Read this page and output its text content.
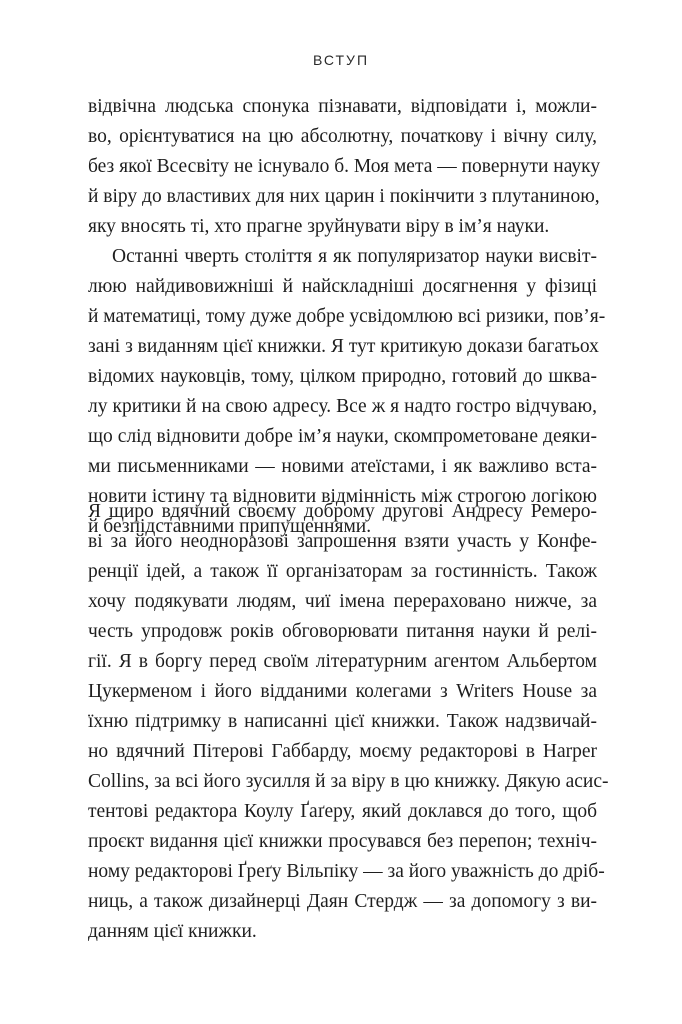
ВСТУП
відвічна людська спонука пізнавати, відповідати і, можли-
во, орієнтуватися на цю абсолютну, початкову і вічну силу,
без якої Всесвіту не існувало б. Моя мета — повернути науку
й віру до властивих для них царин і покінчити з плутаниною,
яку вносять ті, хто прагне зруйнувати віру в ім’я науки.
Останні чверть століття я як популяризатор науки висвіт-
люю найдивовижніші й найскладніші досягнення у фізиці
й математиці, тому дуже добре усвідомлюю всі ризики, пов’я-
зані з виданням цієї книжки. Я тут критикую докази багатьох
відомих науковців, тому, цілком природно, готовий до шква-
лу критики й на свою адресу. Все ж я надто гостро відчуваю,
що слід відновити добре ім’я науки, скомпрометоване деяки-
ми письменниками — новими атеїстами, і як важливо вста-
новити істину та відновити відмінність між строгою логікою
й безпідставними припущеннями.
Я щиро вдячний своєму доброму другові Андресу Ремеро-
ві за його неодноразові запрошення взяти участь у Конфе-
ренції ідей, а також її організаторам за гостинність. Також
хочу подякувати людям, чиї імена перераховано нижче, за
честь упродовж років обговорювати питання науки й релі-
гії. Я в боргу перед своїм літературним агентом Альбертом
Цукерменом і його відданими колегами з Writers House за
їхню підтримку в написанні цієї книжки. Також надзвичай-
но вдячний Пітерові Габбарду, моєму редакторові в Harper
Collins, за всі його зусилля й за віру в цю книжку. Дякую асис-
тентові редактора Коулу Ґаґеру, який доклався до того, щоб
проєкт видання цієї книжки просувався без перепон; техніч-
ному редакторові Ґреґу Вільпіку — за його уважність до дріб-
ниць, а також дизайнерці Даян Стердж — за допомогу з ви-
данням цієї книжки.
